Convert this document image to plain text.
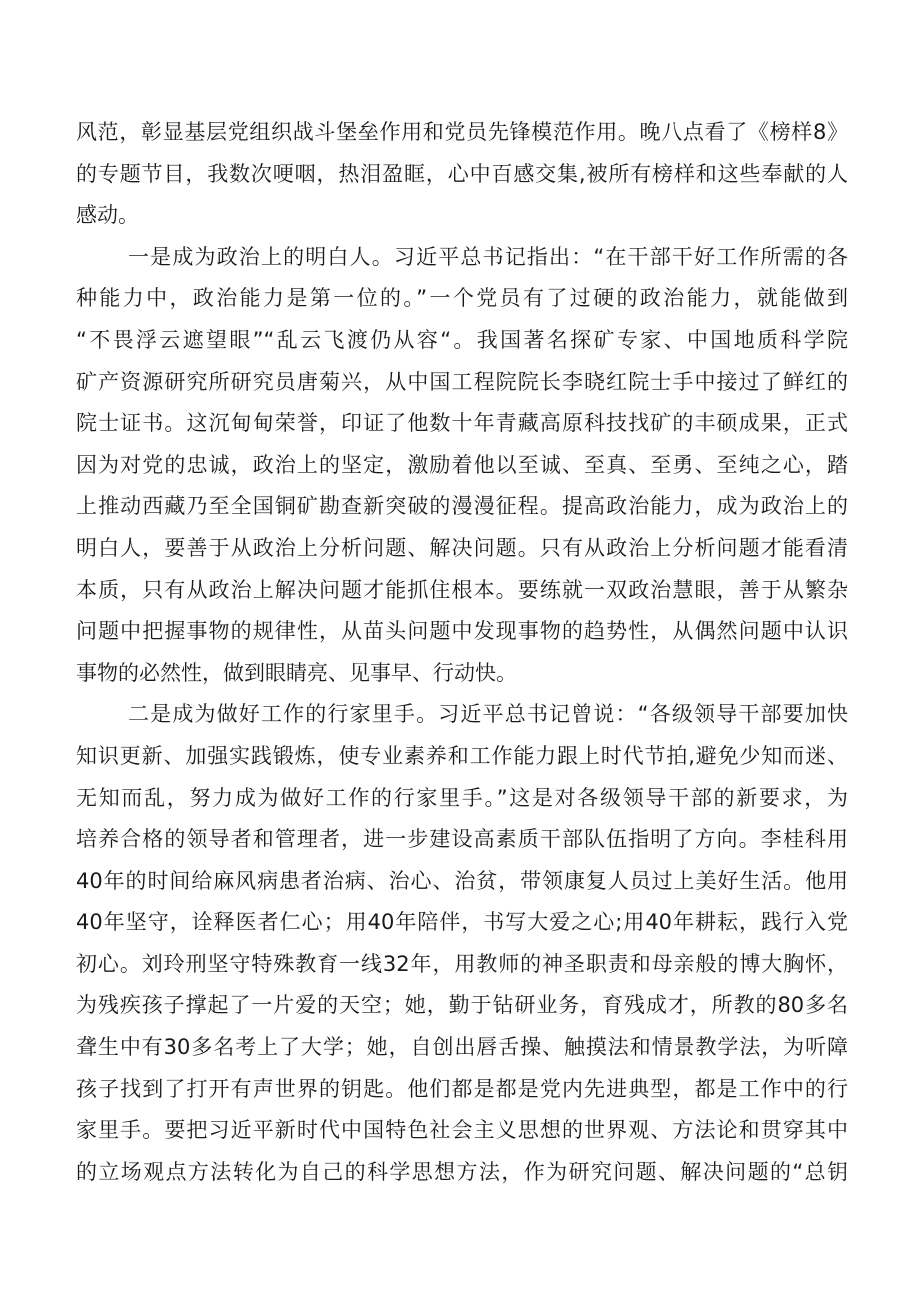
风范，彰显基层党组织战斗堡垒作用和党员先锋模范作用。晚八点看了《榜样8》
的专题节目，我数次哽咽，热泪盈眶，心中百感交集,被所有榜样和这些奉献的人
感动。
一是成为政治上的明白人。习近平总书记指出：“在干部干好工作所需的各
种能力中，政治能力是第一位的。”一个党员有了过硬的政治能力，就能做到
“不畏浮云遮望眼”“乱云飞渡仍从容“。我国著名探矿专家、中国地质科学院
矿产资源研究所研究员唐菊兴，从中国工程院院长李晓红院士手中接过了鲜红的
院士证书。这沉甸甸荣誉，印证了他数十年青藏高原科技找矿的丰硕成果，正式
因为对党的忠诚，政治上的坚定，激励着他以至诚、至真、至勇、至纯之心，踏
上推动西藏乃至全国铜矿勘查新突破的漫漫征程。提高政治能力，成为政治上的
明白人，要善于从政治上分析问题、解决问题。只有从政治上分析问题才能看清
本质，只有从政治上解决问题才能抓住根本。要练就一双政治慧眼，善于从繁杂
问题中把握事物的规律性，从苗头问题中发现事物的趋势性，从偶然问题中认识
事物的必然性，做到眼睛亮、见事早、行动快。
二是成为做好工作的行家里手。习近平总书记曾说：“各级领导干部要加快
知识更新、加强实践锻炼，使专业素养和工作能力跟上时代节拍,避免少知而迷、
无知而乱，努力成为做好工作的行家里手。”这是对各级领导干部的新要求，为
培养合格的领导者和管理者，进一步建设高素质干部队伍指明了方向。李桂科用
40年的时间给麻风病患者治病、治心、治贫，带领康复人员过上美好生活。他用
40年坚守，诠释医者仁心；用40年陪伴，书写大爱之心;用40年耕耘，践行入党
初心。刘玲刑坚守特殊教育一线32年，用教师的神圣职责和母亲般的博大胸怀，
为残疾孩子撑起了一片爱的天空；她，勤于钻研业务，育残成才，所教的80多名
聋生中有30多名考上了大学；她，自创出唇舌操、触摸法和情景教学法，为听障
孩子找到了打开有声世界的钥匙。他们都是都是党内先进典型，都是工作中的行
家里手。要把习近平新时代中国特色社会主义思想的世界观、方法论和贯穿其中
的立场观点方法转化为自己的科学思想方法，作为研究问题、解决问题的“总钥
